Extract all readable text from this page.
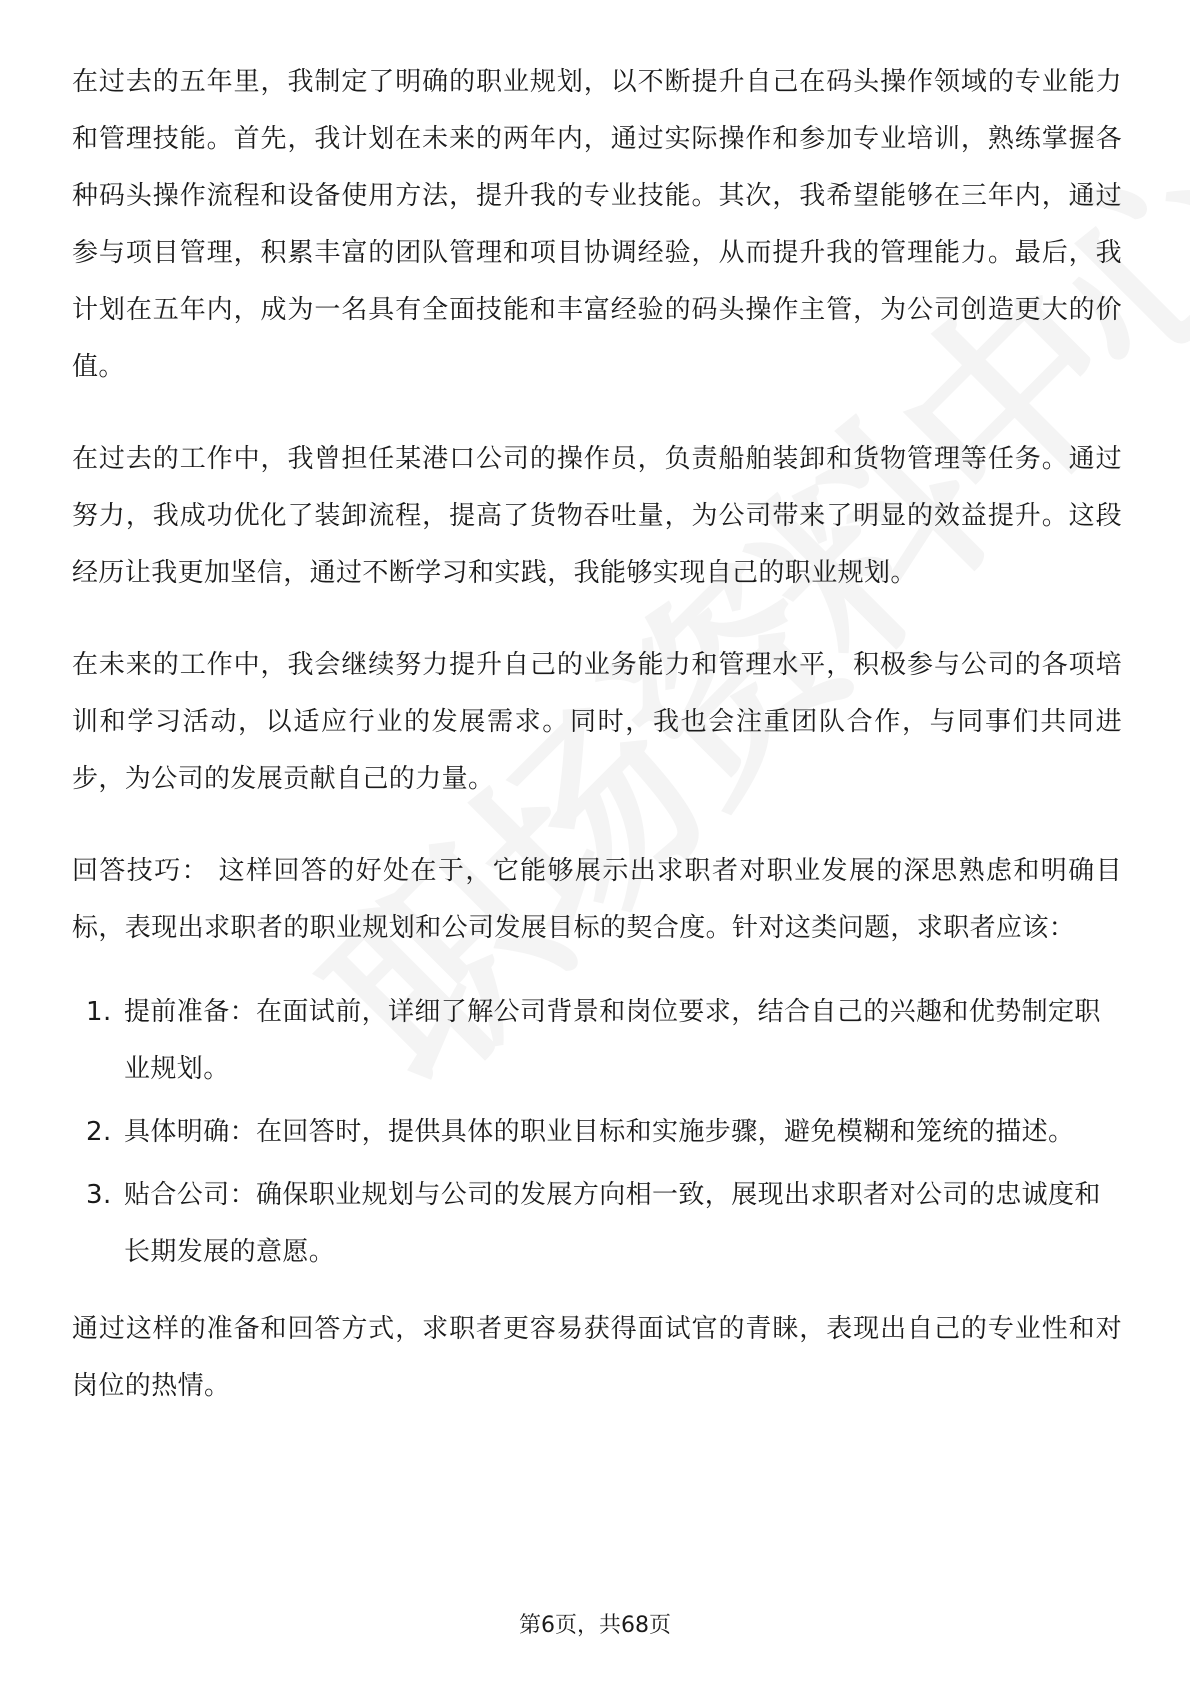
在过去的五年里，我制定了明确的职业规划，以不断提升自己在码头操作领域的专业能力和管理技能。首先，我计划在未来的两年内，通过实际操作和参加专业培训，熟练掌握各种码头操作流程和设备使用方法，提升我的专业技能。其次，我希望能够在三年内，通过参与项目管理，积累丰富的团队管理和项目协调经验，从而提升我的管理能力。最后，我计划在五年内，成为一名具有全面技能和丰富经验的码头操作主管，为公司创造更大的价值。

在过去的工作中，我曾担任某港口公司的操作员，负责船舶装卸和货物管理等任务。通过努力，我成功优化了装卸流程，提高了货物吞吐量，为公司带来了明显的效益提升。这段经历让我更加坚信，通过不断学习和实践，我能够实现自己的职业规划。

在未来的工作中，我会继续努力提升自己的业务能力和管理水平，积极参与公司的各项培训和学习活动，以适应行业的发展需求。同时，我也会注重团队合作，与同事们共同进步，为公司的发展贡献自己的力量。

回答技巧： 这样回答的好处在于，它能够展示出求职者对职业发展的深思熟虑和明确目标，表现出求职者的职业规划和公司发展目标的契合度。针对这类问题，求职者应该：

1. 提前准备：在面试前，详细了解公司背景和岗位要求，结合自己的兴趣和优势制定职业规划。
2. 具体明确：在回答时，提供具体的职业目标和实施步骤，避免模糊和笼统的描述。
3. 贴合公司：确保职业规划与公司的发展方向相一致，展现出求职者对公司的忠诚度和长期发展的意愿。

通过这样的准备和回答方式，求职者更容易获得面试官的青睐，表现出自己的专业性和对岗位的热情。

第6页，共68页
